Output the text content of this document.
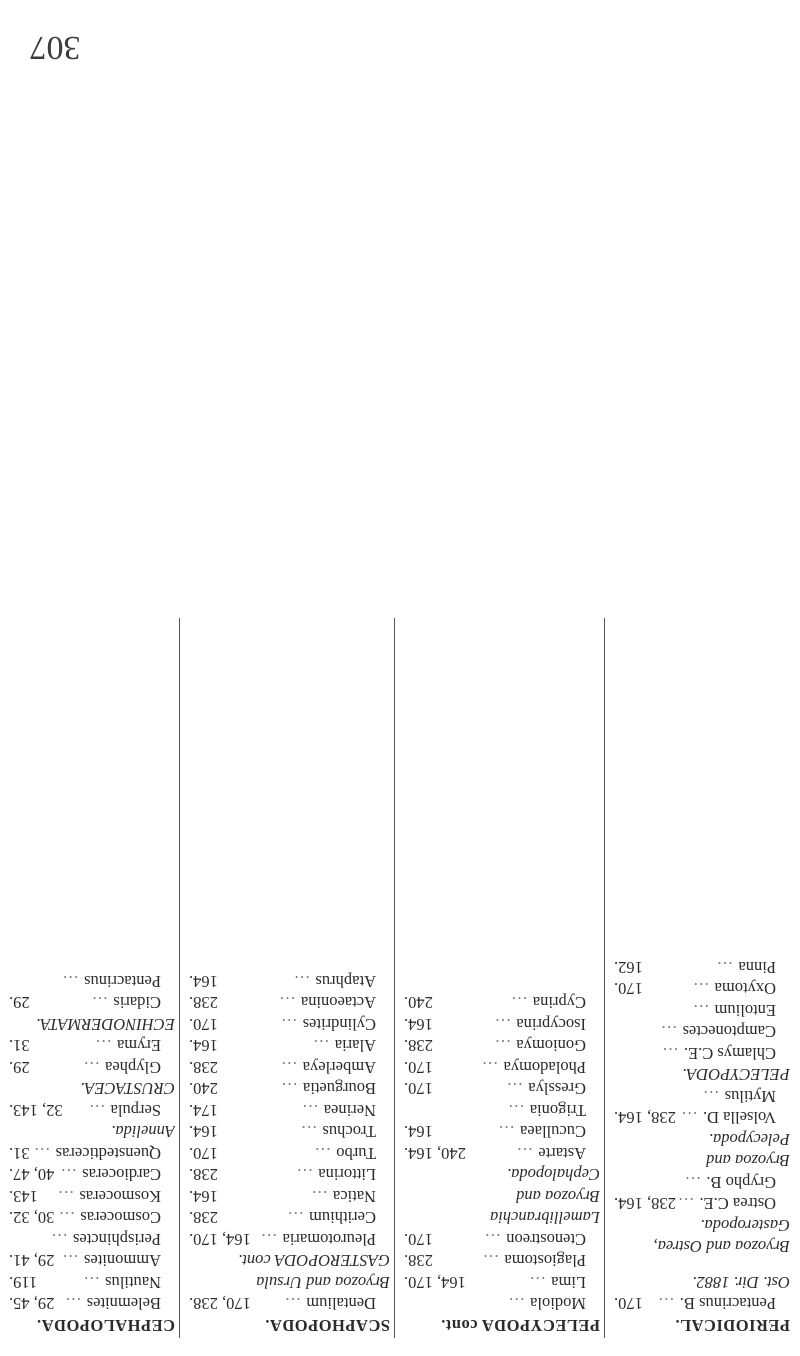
307
PERIODICAL.
Pentacrinus B. …
170.
Ost. Dir. 1882.
Bryozoa and Ostrea,
Gasteropoda.
Ostrea C.E. …
238, 164.
Grypho B. …
Bryozoa and
Pelecypoda.
Volsella D. …
238, 164.
Mytilus …
PELECYPODA.
Chlamys C.E. …
Camptonectes …
Entolium …
Oxytoma …
170.
Pinna …
162.
PELECYPODA cont.
Modiola …
Lima …
164, 170.
Plagiostoma …
238.
Ctenostreon …
170.
Lamellibranchia
Bryozoa and
Cephalopoda.
Astarte …
240, 164.
Cucullaea …
164.
Trigonia …
Gresslya …
170.
Pholadomya …
170.
Goniomya …
238.
Isocyprina …
164.
Cyprina …
240.
SCAPHOPODA.
Dentalium …
170, 238.
Bryozoa and Ursula
GASTEROPODA cont.
Pleurotomaria …
164, 170.
Cerithium …
238.
Natica …
164.
Littorina …
238.
Turbo …
170.
Trochus …
164.
Nerinea …
174.
Bourguetia …
240.
Amberleya …
238.
Alaria …
164.
Cylindrites …
170.
Actaeonina …
238.
Ataphrus …
164.
CEPHALOPODA.
Belemnites …
29, 45.
Nautilus …
119.
Ammonites …
29, 41.
Perisphinctes …
Cosmoceras …
30, 32.
Kosmoceras …
143.
Cardioceras …
40, 47.
Quenstedticeras …
31.
Annelida.
Serpula …
32, 143.
CRUSTACEA.
Glyphea …
29.
Eryma …
31.
ECHINODERMATA.
Cidaris …
29.
Pentacrinus …
